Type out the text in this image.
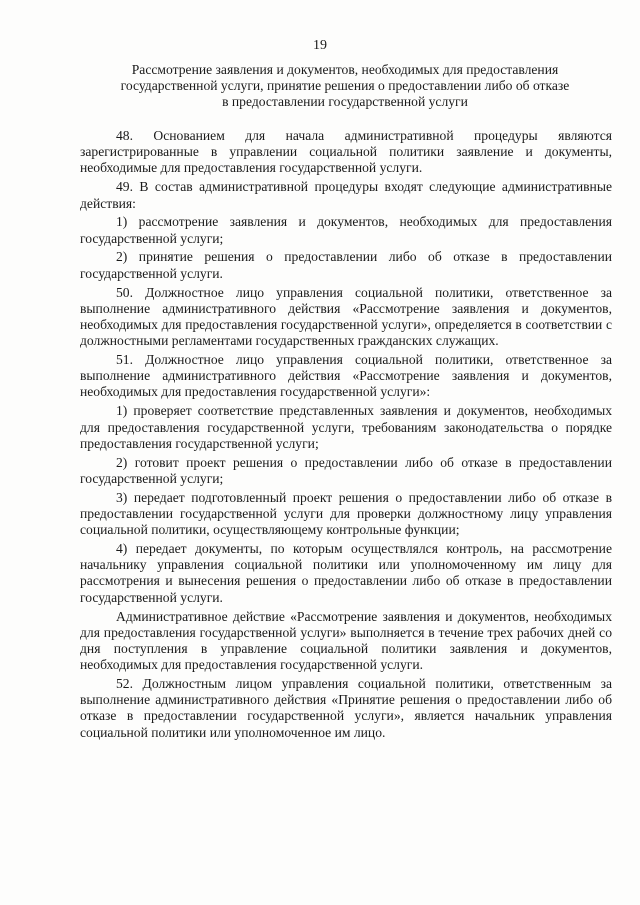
19
Рассмотрение заявления и документов, необходимых для предоставления
государственной услуги, принятие решения о предоставлении либо об отказе
в предоставлении государственной услуги

48. Основанием для начала административной процедуры являются зарегистрированные в управлении социальной политики заявление и документы, необходимые для предоставления государственной услуги.

49. В состав административной процедуры входят следующие административные действия:

1) рассмотрение заявления и документов, необходимых для предоставления государственной услуги;

2) принятие решения о предоставлении либо об отказе в предоставлении государственной услуги.

50. Должностное лицо управления социальной политики, ответственное за выполнение административного действия «Рассмотрение заявления и документов, необходимых для предоставления государственной услуги», определяется в соответствии с должностными регламентами государственных гражданских служащих.

51. Должностное лицо управления социальной политики, ответственное за выполнение административного действия «Рассмотрение заявления и документов, необходимых для предоставления государственной услуги»:

1) проверяет соответствие представленных заявления и документов, необходимых для предоставления государственной услуги, требованиям законодательства о порядке предоставления государственной услуги;

2) готовит проект решения о предоставлении либо об отказе в предоставлении государственной услуги;

3) передает подготовленный проект решения о предоставлении либо об отказе в предоставлении государственной услуги для проверки должностному лицу управления социальной политики, осуществляющему контрольные функции;

4) передает документы, по которым осуществлялся контроль, на рассмотрение начальнику управления социальной политики или уполномоченному им лицу для рассмотрения и вынесения решения о предоставлении либо об отказе в предоставлении государственной услуги.

Административное действие «Рассмотрение заявления и документов, необходимых для предоставления государственной услуги» выполняется в течение трех рабочих дней со дня поступления в управление социальной политики заявления и документов, необходимых для предоставления государственной услуги.

52. Должностным лицом управления социальной политики, ответственным за выполнение административного действия «Принятие решения о предоставлении либо об отказе в предоставлении государственной услуги», является начальник управления социальной политики или уполномоченное им лицо.
